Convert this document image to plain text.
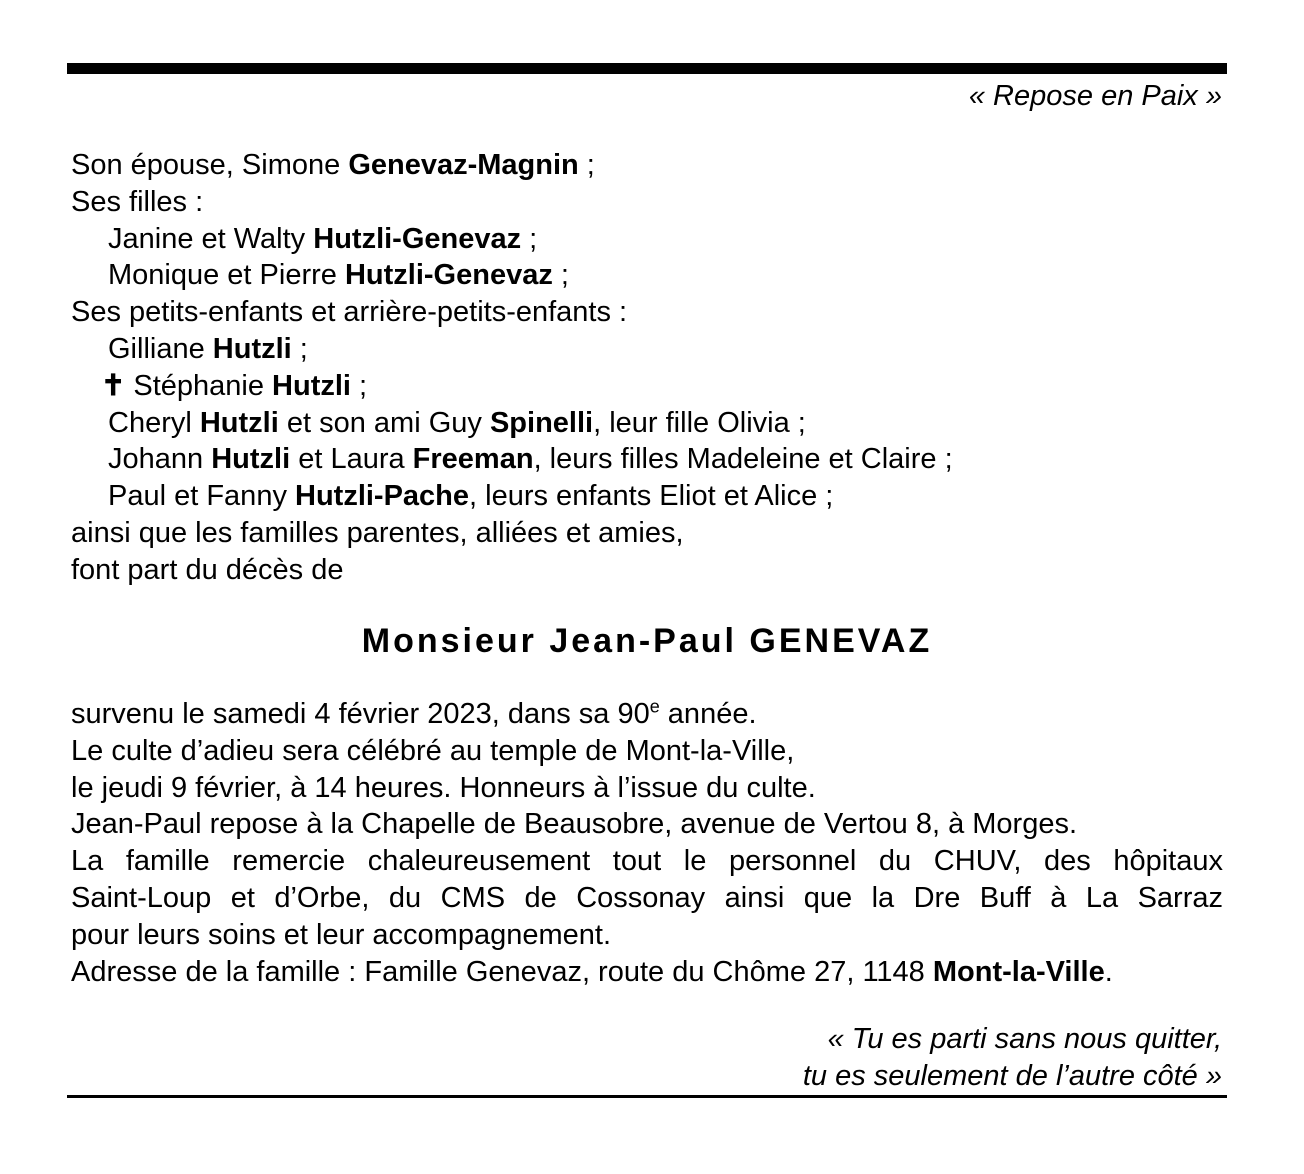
« Repose en Paix »
Son épouse, Simone Genevaz-Magnin ;
Ses filles :
Janine et Walty Hutzli-Genevaz ;
Monique et Pierre Hutzli-Genevaz ;
Ses petits-enfants et arrière-petits-enfants :
Gilliane Hutzli ;
✝ Stéphanie Hutzli ;
Cheryl Hutzli et son ami Guy Spinelli, leur fille Olivia ;
Johann Hutzli et Laura Freeman, leurs filles Madeleine et Claire ;
Paul et Fanny Hutzli-Pache, leurs enfants Eliot et Alice ;
ainsi que les familles parentes, alliées et amies,
font part du décès de
Monsieur Jean-Paul GENEVAZ
survenu le samedi 4 février 2023, dans sa 90e année.
Le culte d’adieu sera célébré au temple de Mont-la-Ville,
le jeudi 9 février, à 14 heures. Honneurs à l’issue du culte.
Jean-Paul repose à la Chapelle de Beausobre, avenue de Vertou 8, à Morges.
La famille remercie chaleureusement tout le personnel du CHUV, des hôpitaux
Saint-Loup et d’Orbe, du CMS de Cossonay ainsi que la Dre Buff à La Sarraz
pour leurs soins et leur accompagnement.
Adresse de la famille : Famille Genevaz, route du Chôme 27, 1148 Mont-la-Ville.
« Tu es parti sans nous quitter,
tu es seulement de l’autre côté »
